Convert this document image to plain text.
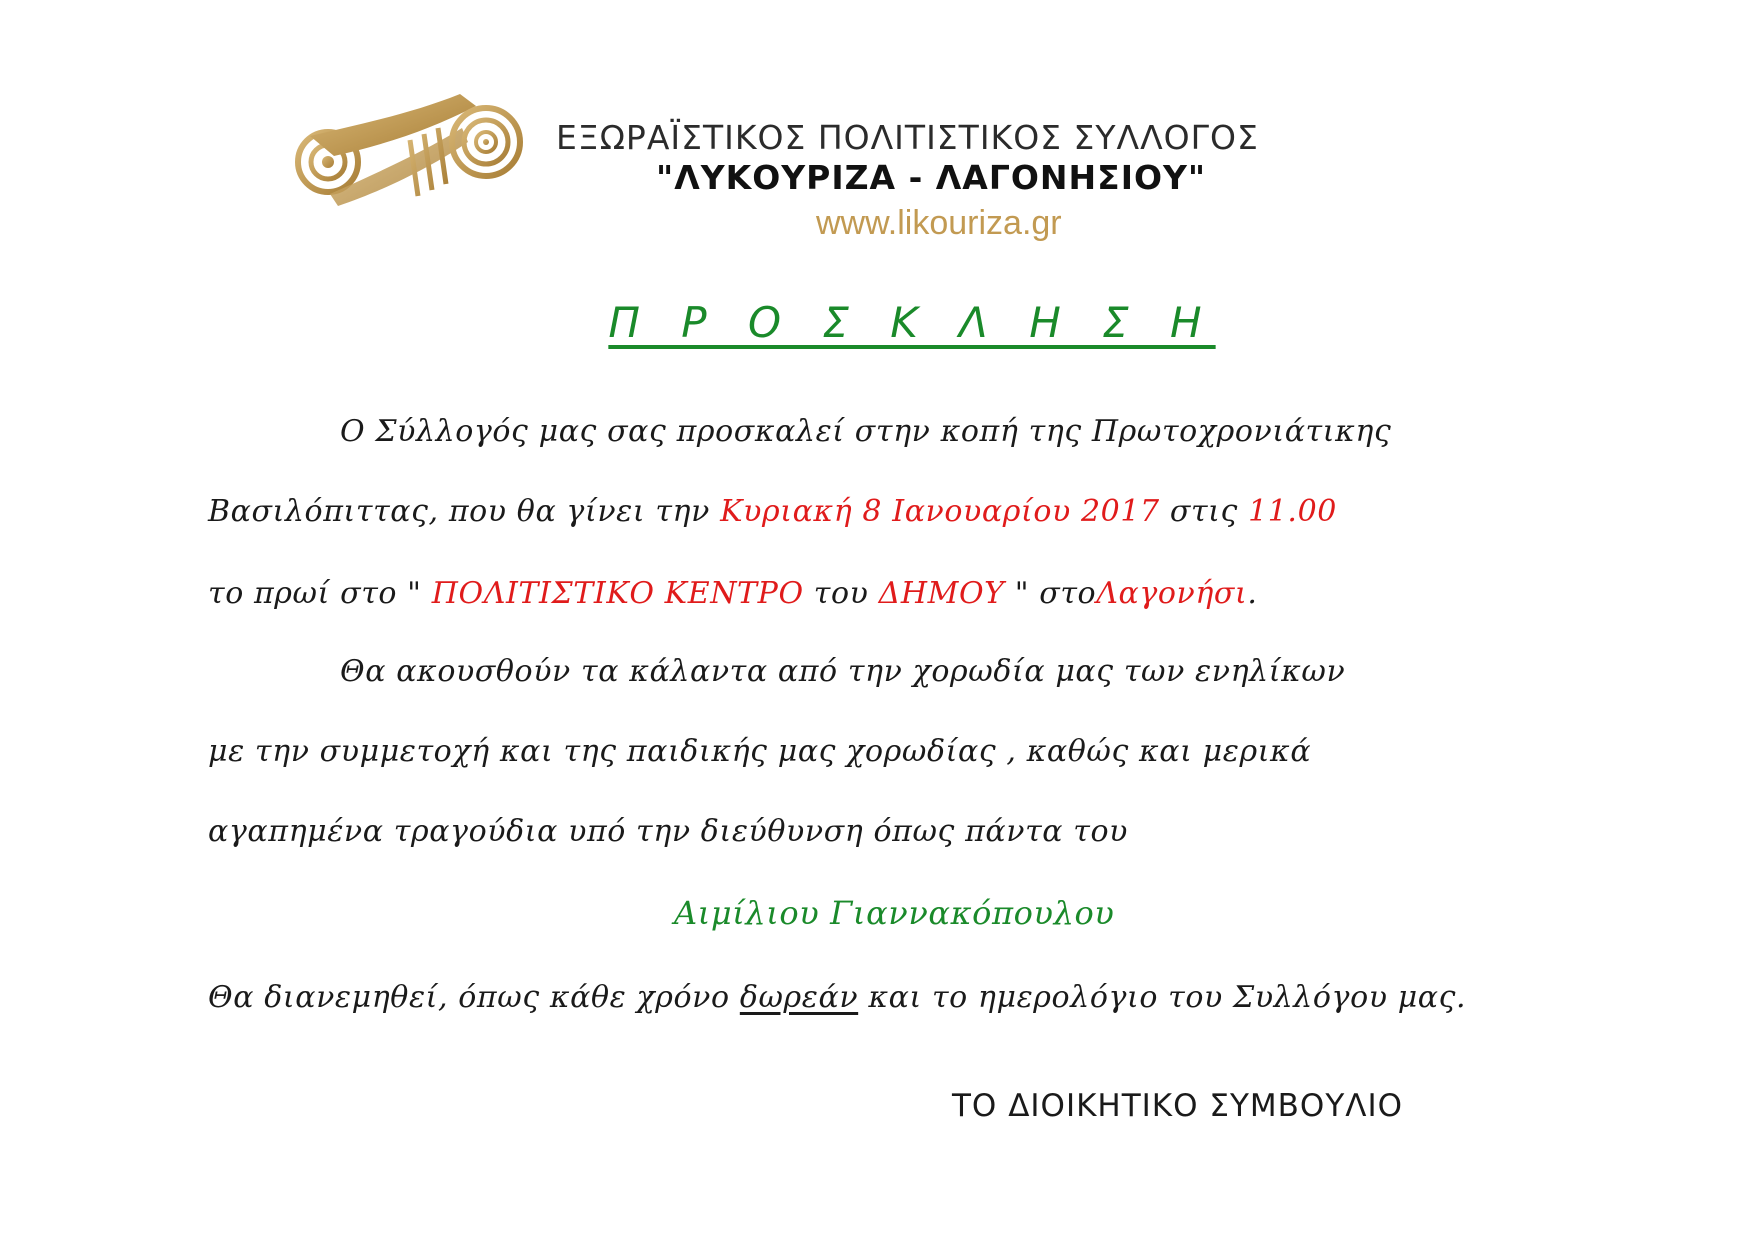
ΕΞΩΡΑΪΣΤΙΚΟΣ ΠΟΛΙΤΙΣΤΙΚΟΣ ΣΥΛΛΟΓΟΣ
"ΛΥΚΟΥΡΙΖΑ - ΛΑΓΟΝΗΣΙΟΥ"
www.likouriza.gr
Π Ρ Ο Σ Κ Λ Η Σ Η
Ο Σύλλογός μας σας προσκαλεί στην κοπή της Πρωτοχρονιάτικης
Βασιλόπιττας, που θα γίνει την Κυριακή 8 Ιανουαρίου 2017 στις 11.00
το πρωί στο " ΠΟΛΙΤΙΣΤΙΚΟ ΚΕΝΤΡΟ του ΔΗΜΟΥ " στοΛαγονήσι.
Θα ακουσθούν τα κάλαντα από την χορωδία μας των ενηλίκων
με την συμμετοχή και της παιδικής μας χορωδίας , καθώς και μερικά
αγαπημένα τραγούδια υπό την διεύθυνση όπως πάντα του
Αιμίλιου Γιαννακόπουλου
Θα διανεμηθεί, όπως κάθε χρόνο δωρεάν και το ημερολόγιο του Συλλόγου μας.
ΤΟ ΔΙΟΙΚΗΤΙΚΟ ΣΥΜΒΟΥΛΙΟ
